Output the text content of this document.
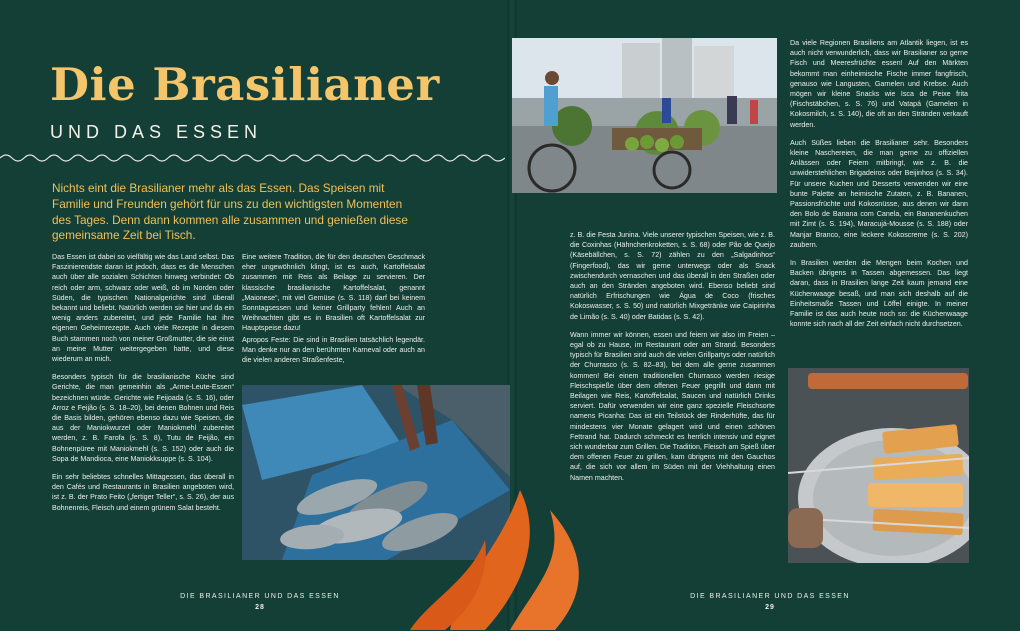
Die Brasilianer
UND DAS ESSEN
Nichts eint die Brasilianer mehr als das Essen. Das Speisen mit Familie und Freunden gehört für uns zu den wichtigsten Momenten des Tages. Denn dann kommen alle zusammen und genießen diese gemeinsame Zeit bei Tisch.

Das Essen ist dabei so vielfältig wie das Land selbst. Das Faszinierendste daran ist jedoch, dass es die Menschen auch über alle sozialen Schichten hinweg verbindet: Ob reich oder arm, schwarz oder weiß, ob im Norden oder Süden, die typischen Nationalgerichte sind überall bekannt und beliebt. Natürlich werden sie hier und da ein wenig anders zubereitet, und jede Familie hat ihre eigenen Geheimrezepte. Auch viele Rezepte in diesem Buch stammen noch von meiner Großmutter, die sie einst an meine Mutter weitergegeben hatte, und diese wiederum an mich.

Besonders typisch für die brasilianische Küche sind Gerichte, die man gemeinhin als „Arme-Leute-Essen“ bezeichnen würde. Gerichte wie Feijoada (s. S. 16), oder Arroz e Feijão (s. S. 18–20), bei denen Bohnen und Reis die Basis bilden, gehören ebenso dazu wie Speisen, die aus der Maniokwurzel oder Maniokmehl zubereitet werden, z. B. Farofa (s. S. 8), Tutu de Feijão, ein Bohnenpüree mit Maniokmehl (s. S. 152) oder auch die Sopa de Mandioca, eine Maniokksuppe (s. S. 104).

Ein sehr beliebtes schnelles Mittagessen, das überall in den Cafés und Restaurants in Brasilien angeboten wird, ist z. B. der Prato Feito („fertiger Teller“, s. S. 26), der aus Bohnenreis, Fleisch und einem grünem Salat besteht.

Eine weitere Tradition, die für den deutschen Geschmack eher ungewöhnlich klingt, ist es auch, Kartoffelsalat zusammen mit Reis als Beilage zu servieren. Der klassische brasilianische Kartoffelsalat, genannt „Maionese“, mit viel Gemüse (s. S. 118) darf bei keinem Sonntagsessen und keiner Grillparty fehlen! Auch an Weihnachten gibt es in Brasilien oft Kartoffelsalat zur Hauptspeise dazu!

Apropos Feste: Die sind in Brasilien tatsächlich legendär. Man denke nur an den berühmten Karneval oder auch an die vielen anderen Straßenfeste,

DIE BRASILIANER UND DAS ESSEN
28

z. B. die Festa Junina. Viele unserer typischen Speisen, wie z. B. die Coxinhas (Hähnchenkroketten, s. S. 68) oder Pão de Queijo (Käsebällchen, s. S. 72) zählen zu den „Salgadinhos“ (Fingerfood), das wir gerne unterwegs oder als Snack zwischendurch vernaschen und das überall in den Straßen oder auch an den Stränden angeboten wird. Ebenso beliebt sind natürlich Erfrischungen wie Água de Coco (frisches Kokoswasser, s. S. 50) und natürlich Mixgetränke wie Caipirinha de Limão (s. S. 40) oder Batidas (s. S. 42).

Wann immer wir können, essen und feiern wir also im Freien – egal ob zu Hause, im Restaurant oder am Strand. Besonders typisch für Brasilien sind auch die vielen Grillpartys oder natürlich der Churrasco (s. S. 82–83), bei dem alle gerne zusammen kommen! Bei einem traditionellen Churrasco werden riesige Fleischspieße über dem offenen Feuer gegrillt und dann mit Beilagen wie Reis, Kartoffelsalat, Saucen und natürlich Drinks serviert. Dafür verwenden wir eine ganz spezielle Fleischsorte namens Picanha: Das ist ein Teilstück der Rinderhüfte, das für mindestens vier Monate gelagert wird und einen schönen Fettrand hat. Dadurch schmeckt es herrlich intensiv und eignet sich wunderbar zum Grillen. Die Tradition, Fleisch am Spieß über dem offenen Feuer zu grillen, kam übrigens mit den Gauchos auf, die sich vor allem im Süden mit der Viehhaltung einen Namen machten.

Da viele Regionen Brasiliens am Atlantik liegen, ist es auch nicht verwunderlich, dass wir Brasilianer so gerne Fisch und Meeresfrüchte essen! Auf den Märkten bekommt man einheimische Fische immer fangfrisch, genauso wie Langusten, Garnelen und Krebse. Auch mögen wir kleine Snacks wie Isca de Peixe frita (Fischstäbchen, s. S. 76) und Vatapá (Garnelen in Kokosmilch, s. S. 140), die oft an den Stränden verkauft werden.

Auch Süßes lieben die Brasilianer sehr. Besonders kleine Naschereien, die man gerne zu offiziellen Anlässen oder Feiern mitbringt, wie z. B. die unwiderstehlichen Brigadeiros oder Beijinhos (s. S. 34). Für unsere Kuchen und Desserts verwenden wir eine bunte Palette an heimische Zutaten, z. B. Bananen, Passionsfrüchte und Kokosnüsse, aus denen wir dann den Bolo de Banana com Canela, ein Bananenkuchen mit Zimt (s. S. 194), Maracujá-Mousse (s. S. 188) oder Manjar Branco, eine leckere Kokoscreme (s. S. 202) zaubern.

In Brasilien werden die Mengen beim Kochen und Backen übrigens in Tassen abgemessen. Das liegt daran, dass in Brasilien lange Zeit kaum jemand eine Küchenwaage besaß, und man sich deshalb auf die Einheitsmaße Tassen und Löffel einigte. In meiner Familie ist das auch heute noch so: die Küchenwaage konnte sich nach all der Zeit einfach nicht durchsetzen.

DIE BRASILIANER UND DAS ESSEN
29
